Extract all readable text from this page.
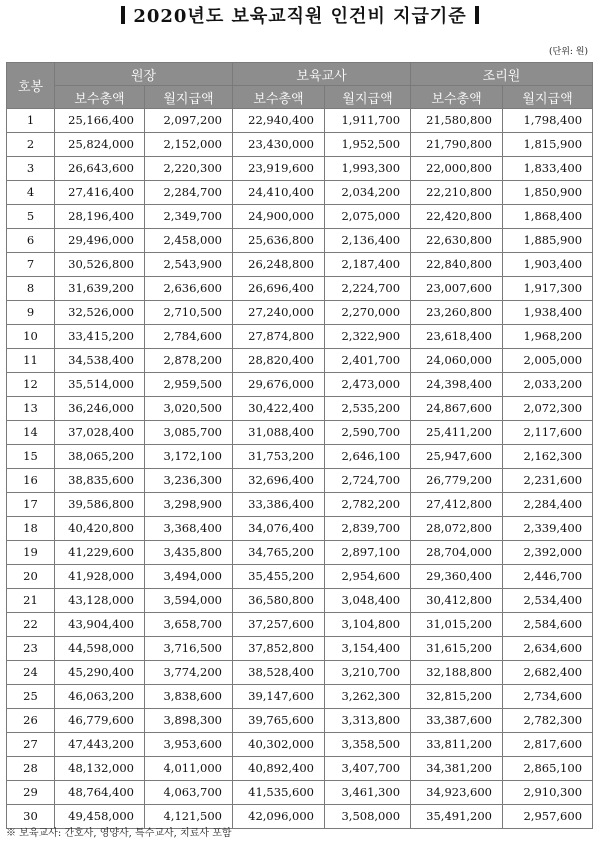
2020년도 보육교직원 인건비 지급기준
(단위: 원)
호봉	원장		보육교사		조리원	
	보수총액	월지급액	보수총액	월지급액	보수총액	월지급액
1	25,166,400	2,097,200	22,940,400	1,911,700	21,580,800	1,798,400
2	25,824,000	2,152,000	23,430,000	1,952,500	21,790,800	1,815,900
3	26,643,600	2,220,300	23,919,600	1,993,300	22,000,800	1,833,400
4	27,416,400	2,284,700	24,410,400	2,034,200	22,210,800	1,850,900
5	28,196,400	2,349,700	24,900,000	2,075,000	22,420,800	1,868,400
6	29,496,000	2,458,000	25,636,800	2,136,400	22,630,800	1,885,900
7	30,526,800	2,543,900	26,248,800	2,187,400	22,840,800	1,903,400
8	31,639,200	2,636,600	26,696,400	2,224,700	23,007,600	1,917,300
9	32,526,000	2,710,500	27,240,000	2,270,000	23,260,800	1,938,400
10	33,415,200	2,784,600	27,874,800	2,322,900	23,618,400	1,968,200
11	34,538,400	2,878,200	28,820,400	2,401,700	24,060,000	2,005,000
12	35,514,000	2,959,500	29,676,000	2,473,000	24,398,400	2,033,200
13	36,246,000	3,020,500	30,422,400	2,535,200	24,867,600	2,072,300
14	37,028,400	3,085,700	31,088,400	2,590,700	25,411,200	2,117,600
15	38,065,200	3,172,100	31,753,200	2,646,100	25,947,600	2,162,300
16	38,835,600	3,236,300	32,696,400	2,724,700	26,779,200	2,231,600
17	39,586,800	3,298,900	33,386,400	2,782,200	27,412,800	2,284,400
18	40,420,800	3,368,400	34,076,400	2,839,700	28,072,800	2,339,400
19	41,229,600	3,435,800	34,765,200	2,897,100	28,704,000	2,392,000
20	41,928,000	3,494,000	35,455,200	2,954,600	29,360,400	2,446,700
21	43,128,000	3,594,000	36,580,800	3,048,400	30,412,800	2,534,400
22	43,904,400	3,658,700	37,257,600	3,104,800	31,015,200	2,584,600
23	44,598,000	3,716,500	37,852,800	3,154,400	31,615,200	2,634,600
24	45,290,400	3,774,200	38,528,400	3,210,700	32,188,800	2,682,400
25	46,063,200	3,838,600	39,147,600	3,262,300	32,815,200	2,734,600
26	46,779,600	3,898,300	39,765,600	3,313,800	33,387,600	2,782,300
27	47,443,200	3,953,600	40,302,000	3,358,500	33,811,200	2,817,600
28	48,132,000	4,011,000	40,892,400	3,407,700	34,381,200	2,865,100
29	48,764,400	4,063,700	41,535,600	3,461,300	34,923,600	2,910,300
30	49,458,000	4,121,500	42,096,000	3,508,000	35,491,200	2,957,600
※ 보육교사: 간호사, 영양사, 특수교사, 치료사 포함
